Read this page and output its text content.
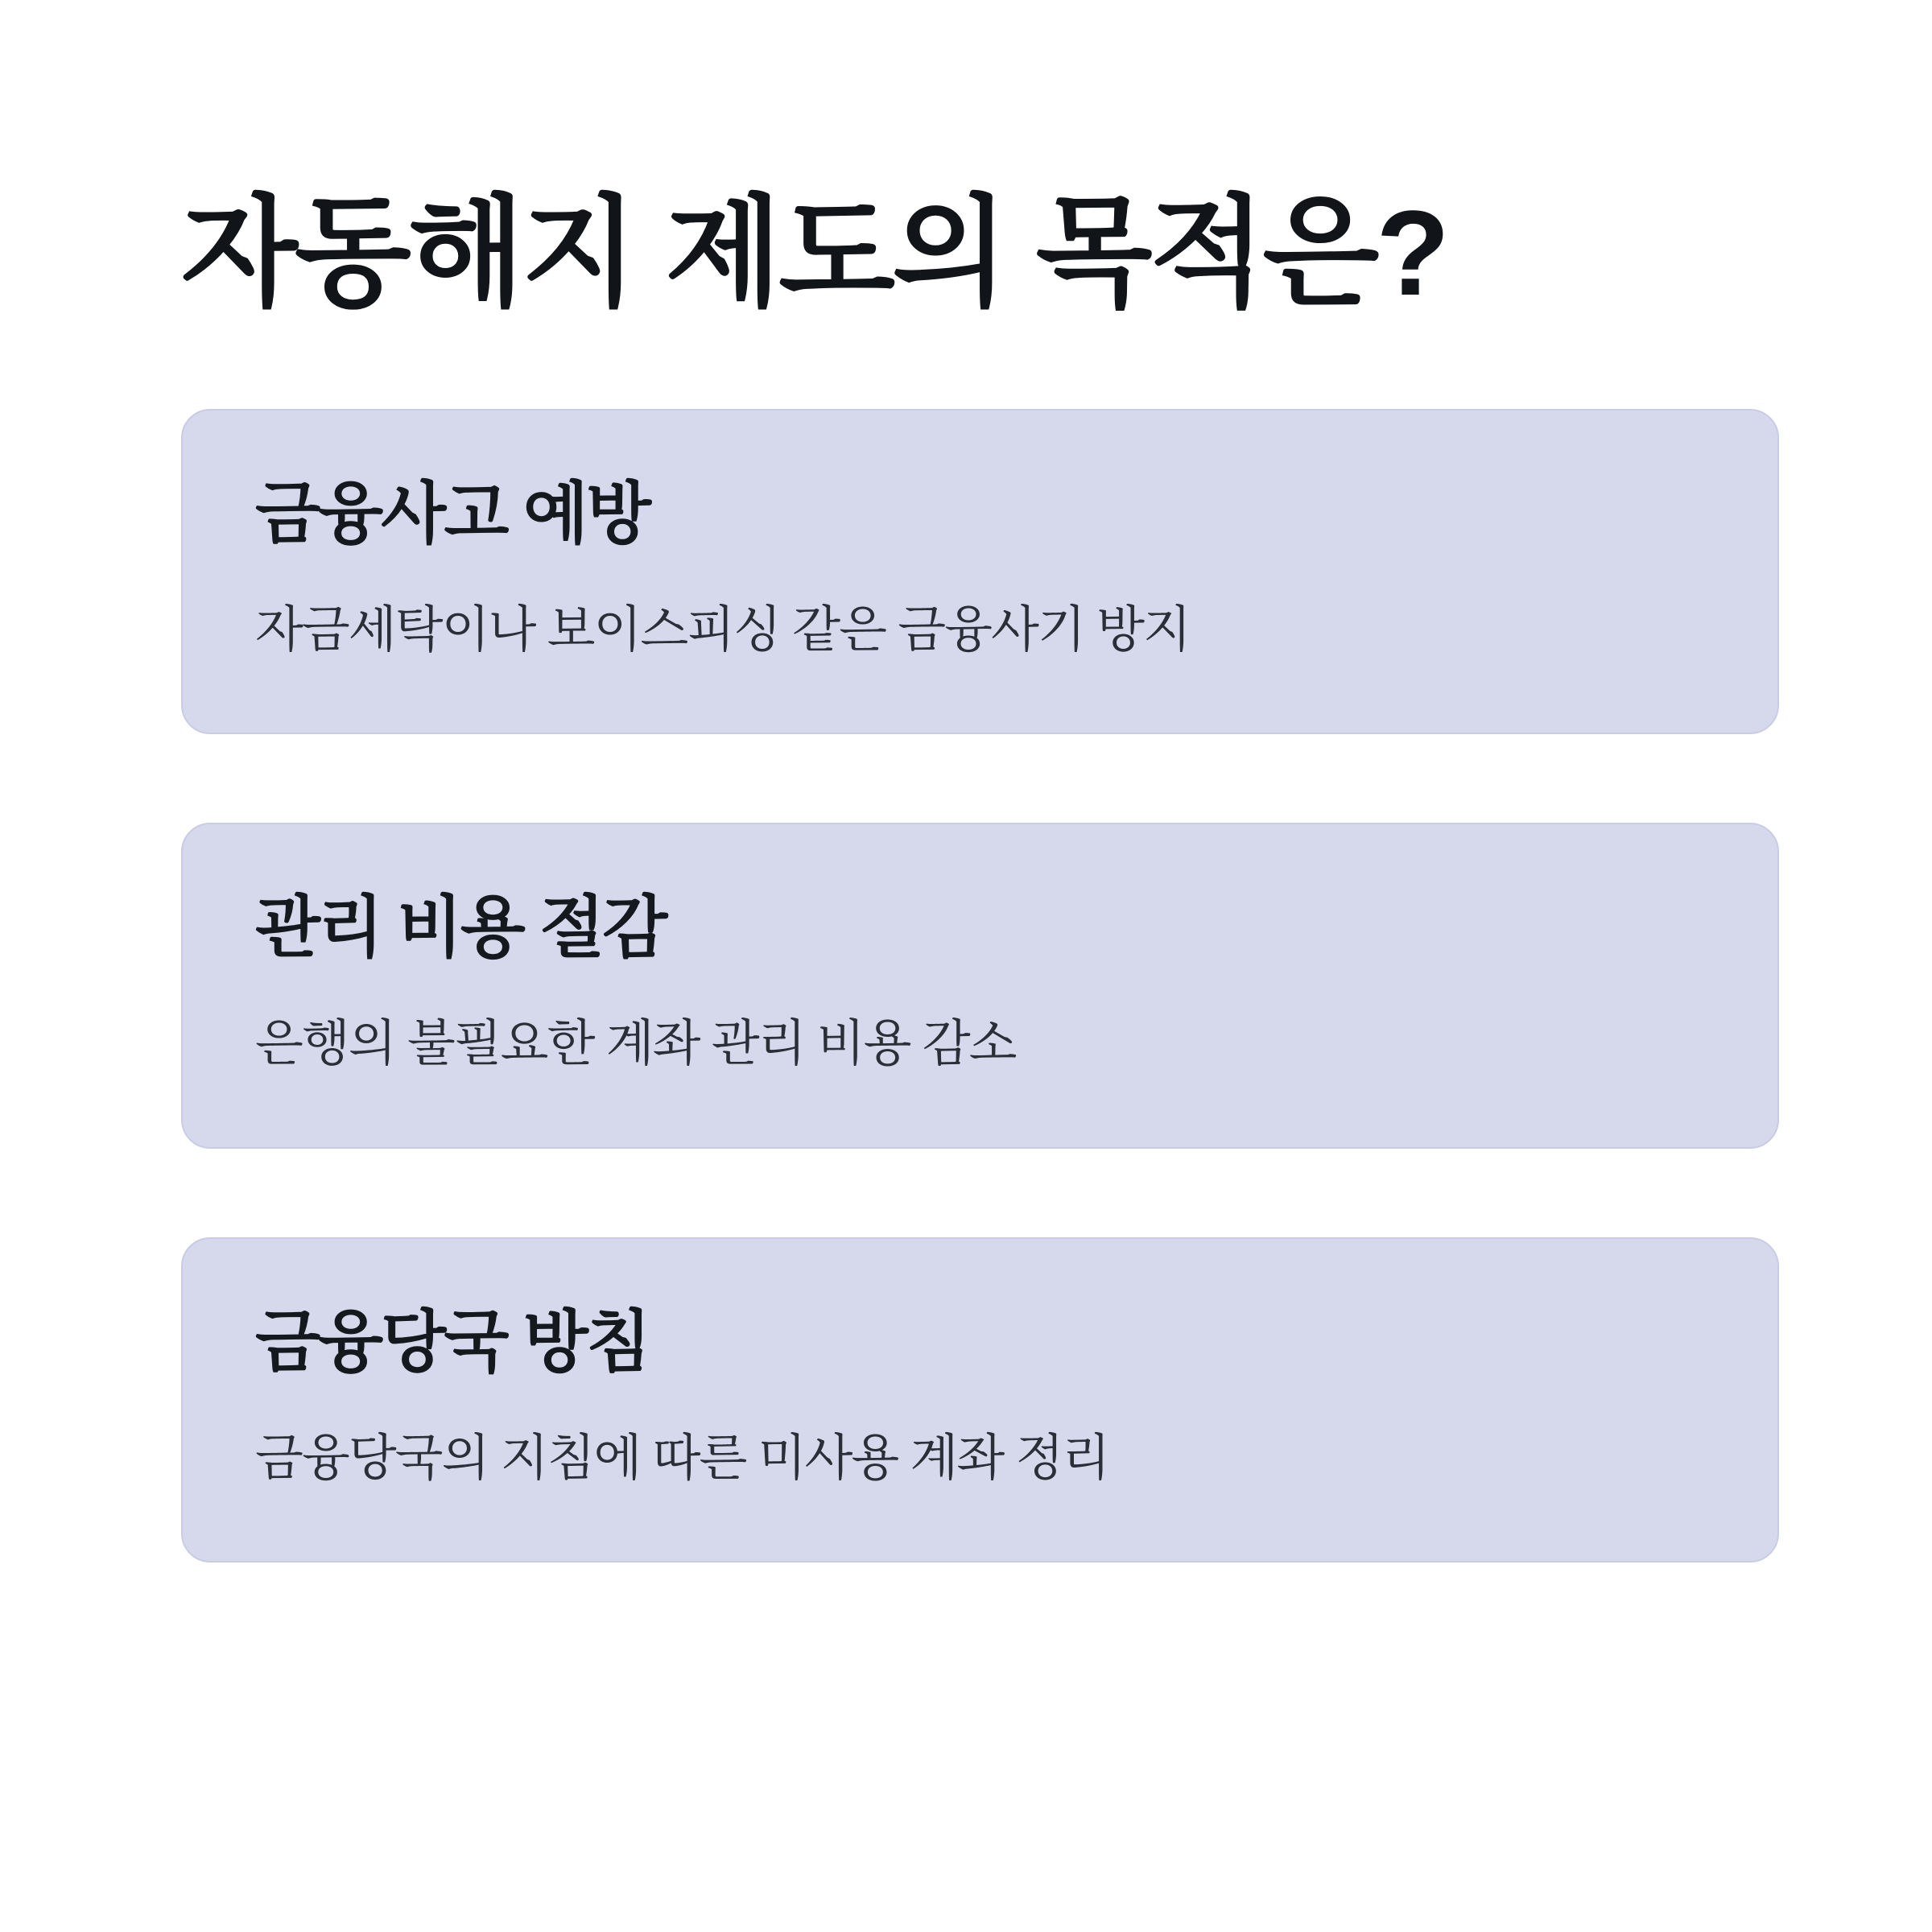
자동해지 제도의 목적은?
금융사고 예방
자금세탁이나 보이스피싱 같은 금융사기 방지
관리 비용 절감
은행의 불필요한 계좌 관리 비용 감소
금융당국 방침
금융당국의 지침에 따른 미사용 계좌 정리
